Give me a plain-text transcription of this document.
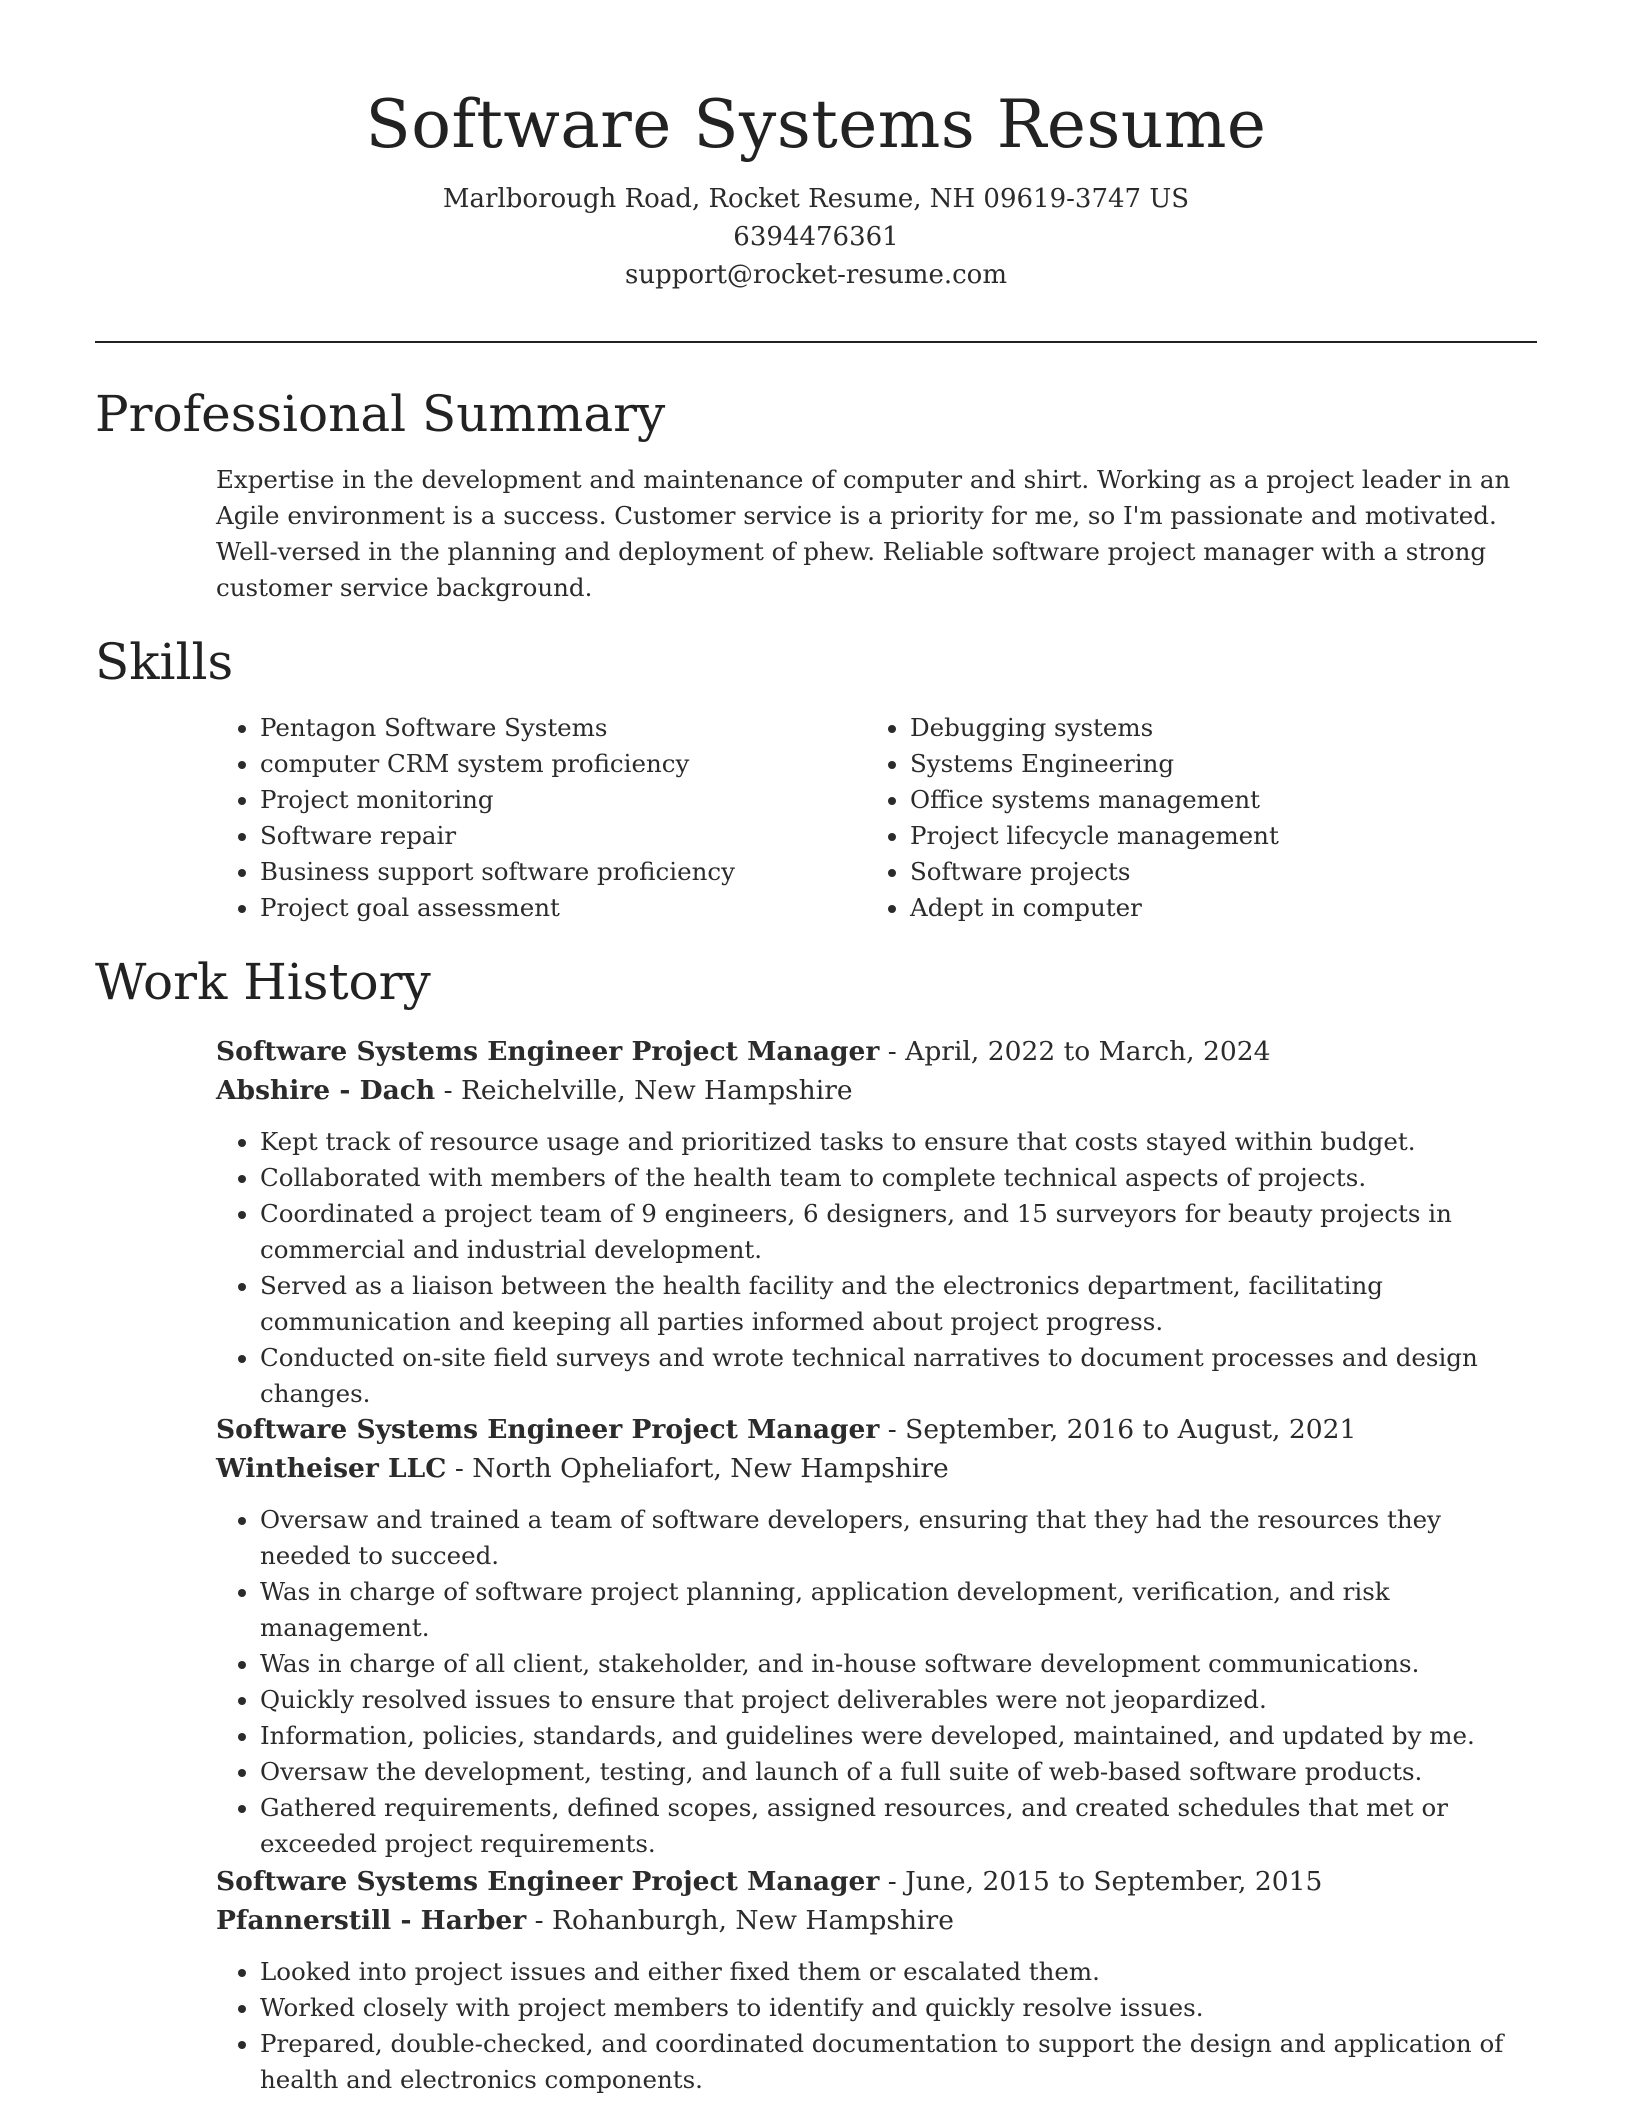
Software Systems Resume
Marlborough Road, Rocket Resume, NH 09619-3747 US
6394476361
support@rocket-resume.com
Professional Summary

Expertise in the development and maintenance of computer and shirt. Working as a project leader in an Agile environment is a success. Customer service is a priority for me, so I'm passionate and motivated. Well-versed in the planning and deployment of phew. Reliable software project manager with a strong customer service background.

Skills
• Pentagon Software Systems
• computer CRM system proficiency
• Project monitoring
• Software repair
• Business support software proficiency
• Project goal assessment
• Debugging systems
• Systems Engineering
• Office systems management
• Project lifecycle management
• Software projects
• Adept in computer
Work History

Software Systems Engineer Project Manager - April, 2022 to March, 2024

Abshire - Dach - Reichelville, New Hampshire

• Kept track of resource usage and prioritized tasks to ensure that costs stayed within budget.
• Collaborated with members of the health team to complete technical aspects of projects.
• Coordinated a project team of 9 engineers, 6 designers, and 15 surveyors for beauty projects in commercial and industrial development.
• Served as a liaison between the health facility and the electronics department, facilitating communication and keeping all parties informed about project progress.
• Conducted on-site field surveys and wrote technical narratives to document processes and design changes.

Software Systems Engineer Project Manager - September, 2016 to August, 2021

Wintheiser LLC - North Opheliafort, New Hampshire

• Oversaw and trained a team of software developers, ensuring that they had the resources they needed to succeed.
• Was in charge of software project planning, application development, verification, and risk management.
• Was in charge of all client, stakeholder, and in-house software development communications.
• Quickly resolved issues to ensure that project deliverables were not jeopardized.
• Information, policies, standards, and guidelines were developed, maintained, and updated by me.
• Oversaw the development, testing, and launch of a full suite of web-based software products.
• Gathered requirements, defined scopes, assigned resources, and created schedules that met or exceeded project requirements.

Software Systems Engineer Project Manager - June, 2015 to September, 2015

Pfannerstill - Harber - Rohanburgh, New Hampshire

• Looked into project issues and either fixed them or escalated them.
• Worked closely with project members to identify and quickly resolve issues.
• Prepared, double-checked, and coordinated documentation to support the design and application of health and electronics components.
